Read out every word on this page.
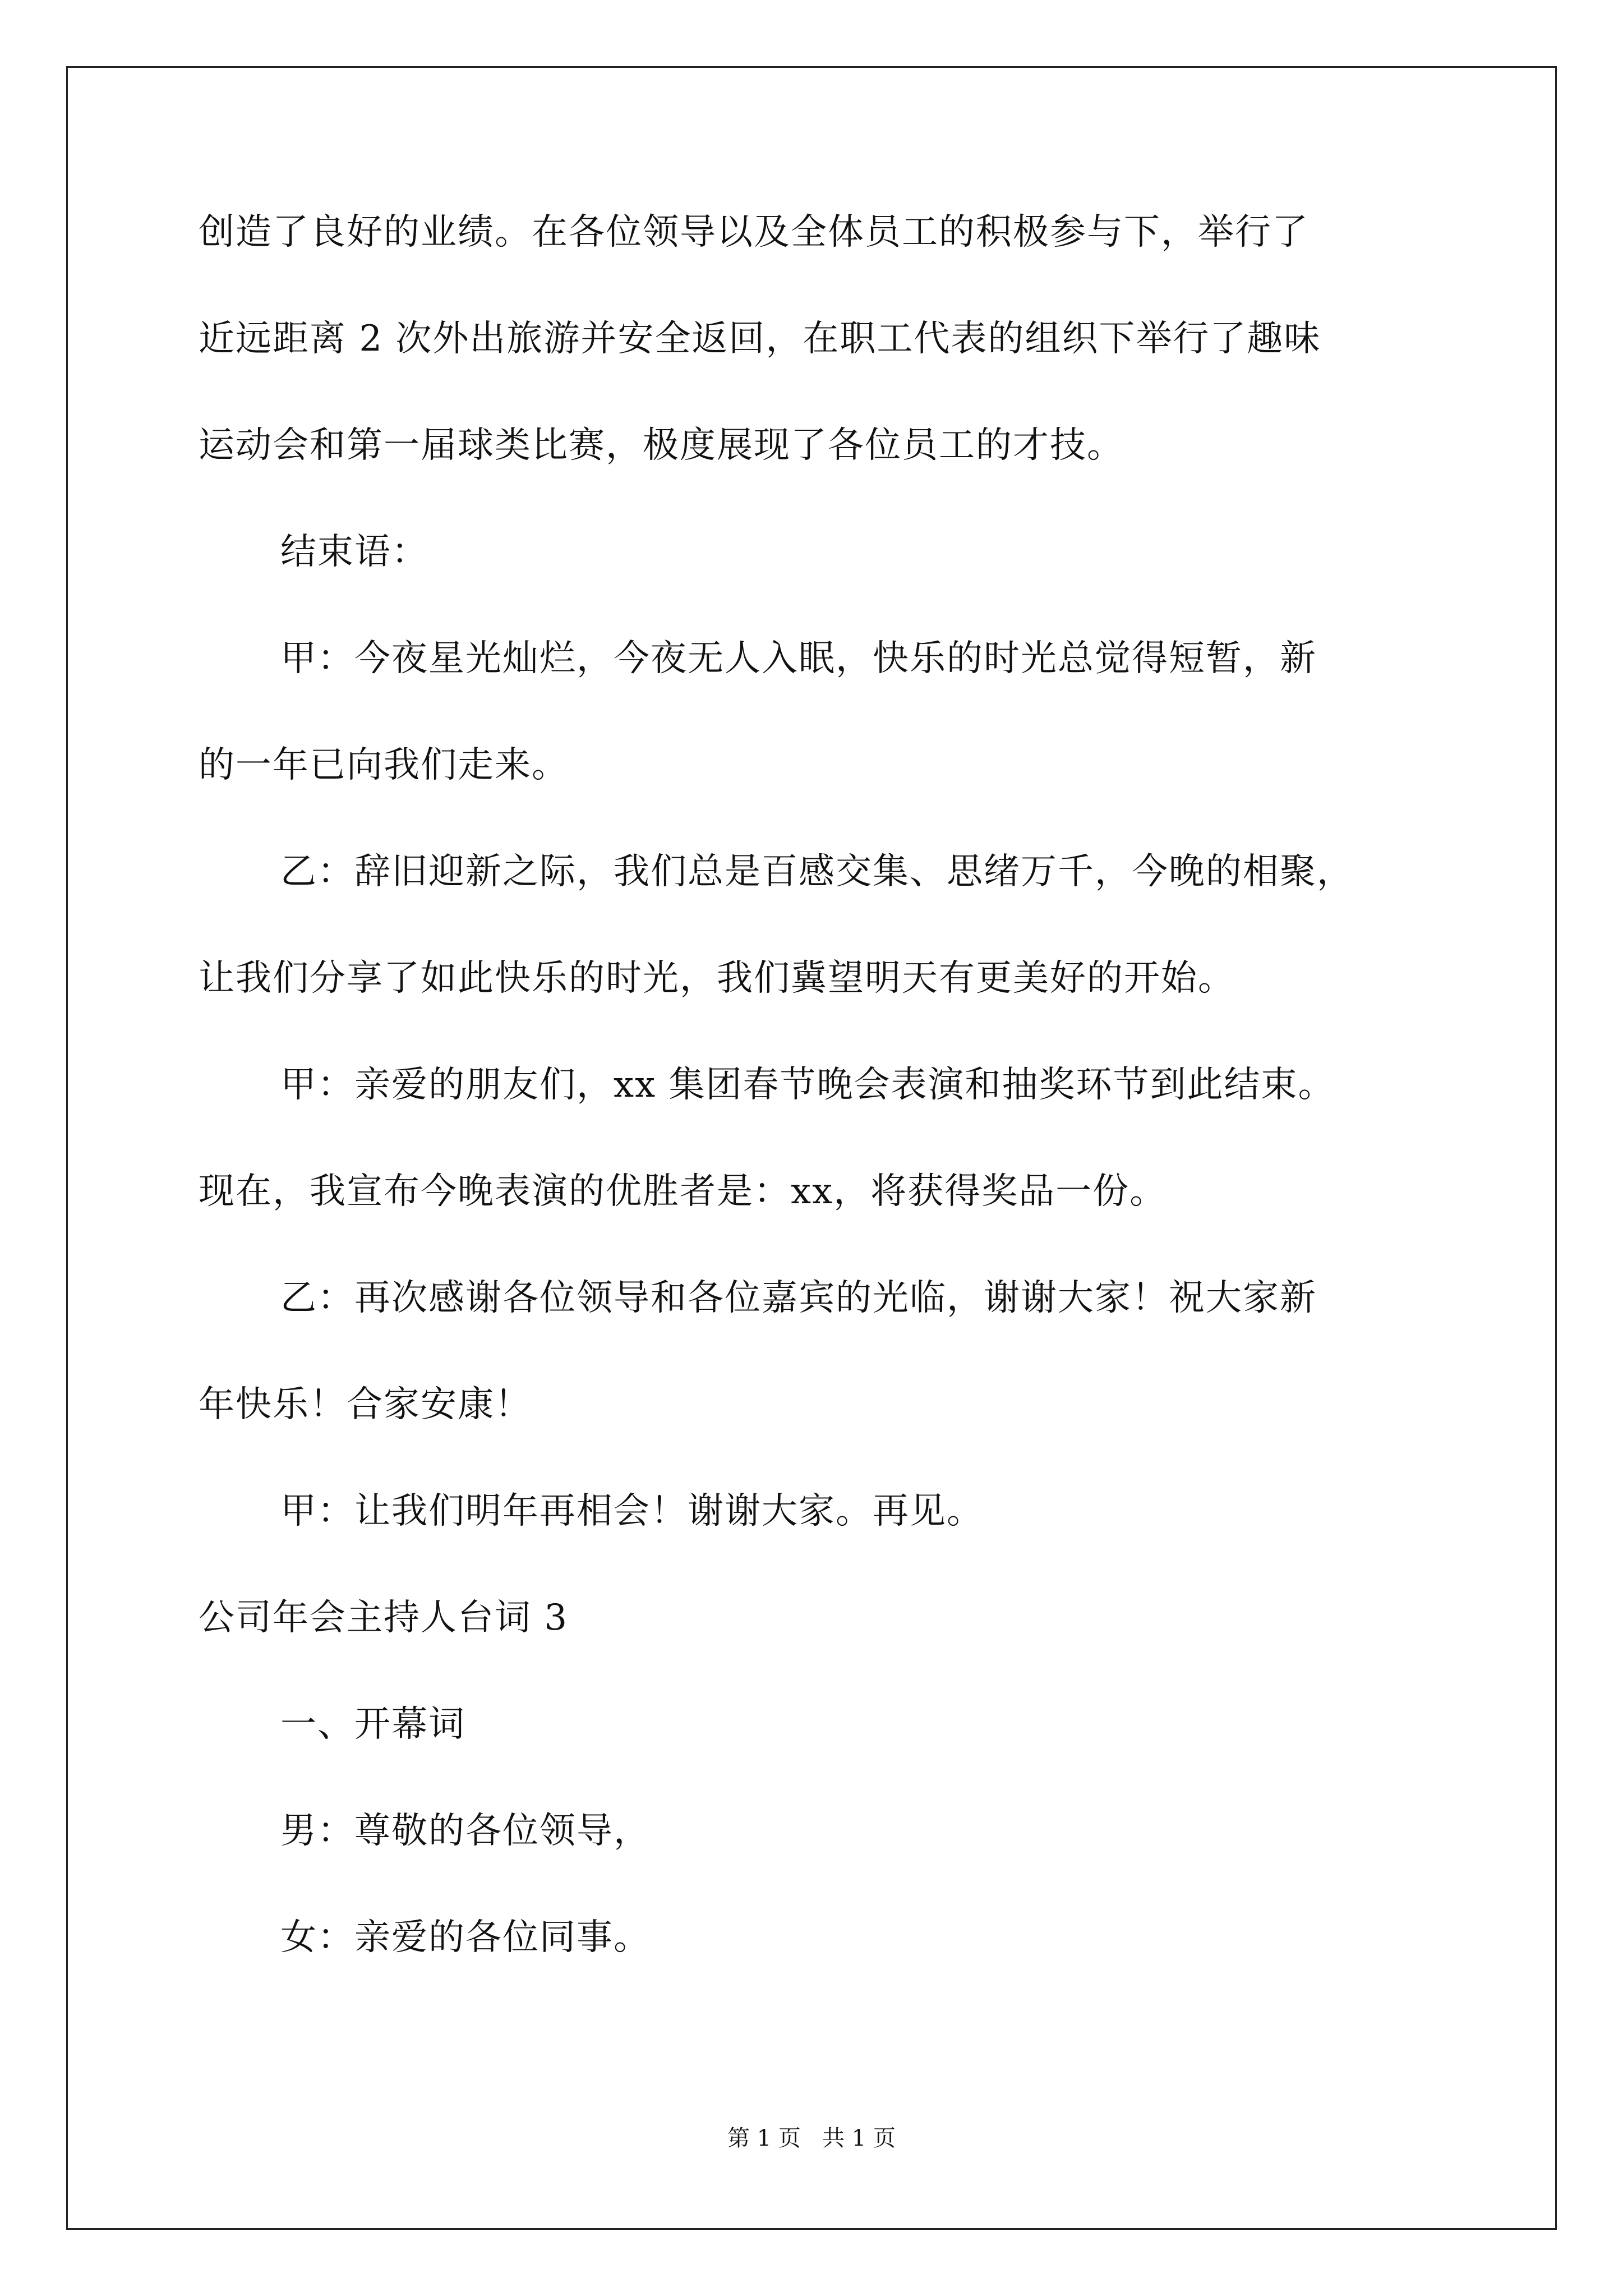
创造了良好的业绩。在各位领导以及全体员工的积极参与下，举行了
近远距离 2 次外出旅游并安全返回，在职工代表的组织下举行了趣味
运动会和第一届球类比赛，极度展现了各位员工的才技。
结束语：
甲：今夜星光灿烂，今夜无人入眠，快乐的时光总觉得短暂，新
的一年已向我们走来。
乙：辞旧迎新之际，我们总是百感交集、思绪万千，今晚的相聚，
让我们分享了如此快乐的时光，我们冀望明天有更美好的开始。
甲：亲爱的朋友们，xx 集团春节晚会表演和抽奖环节到此结束。
现在，我宣布今晚表演的优胜者是：xx，将获得奖品一份。
乙：再次感谢各位领导和各位嘉宾的光临，谢谢大家！祝大家新
年快乐！合家安康！
甲：让我们明年再相会！谢谢大家。再见。
公司年会主持人台词 3
一、开幕词
男：尊敬的各位领导，
女：亲爱的各位同事。
第 1 页   共 1 页
